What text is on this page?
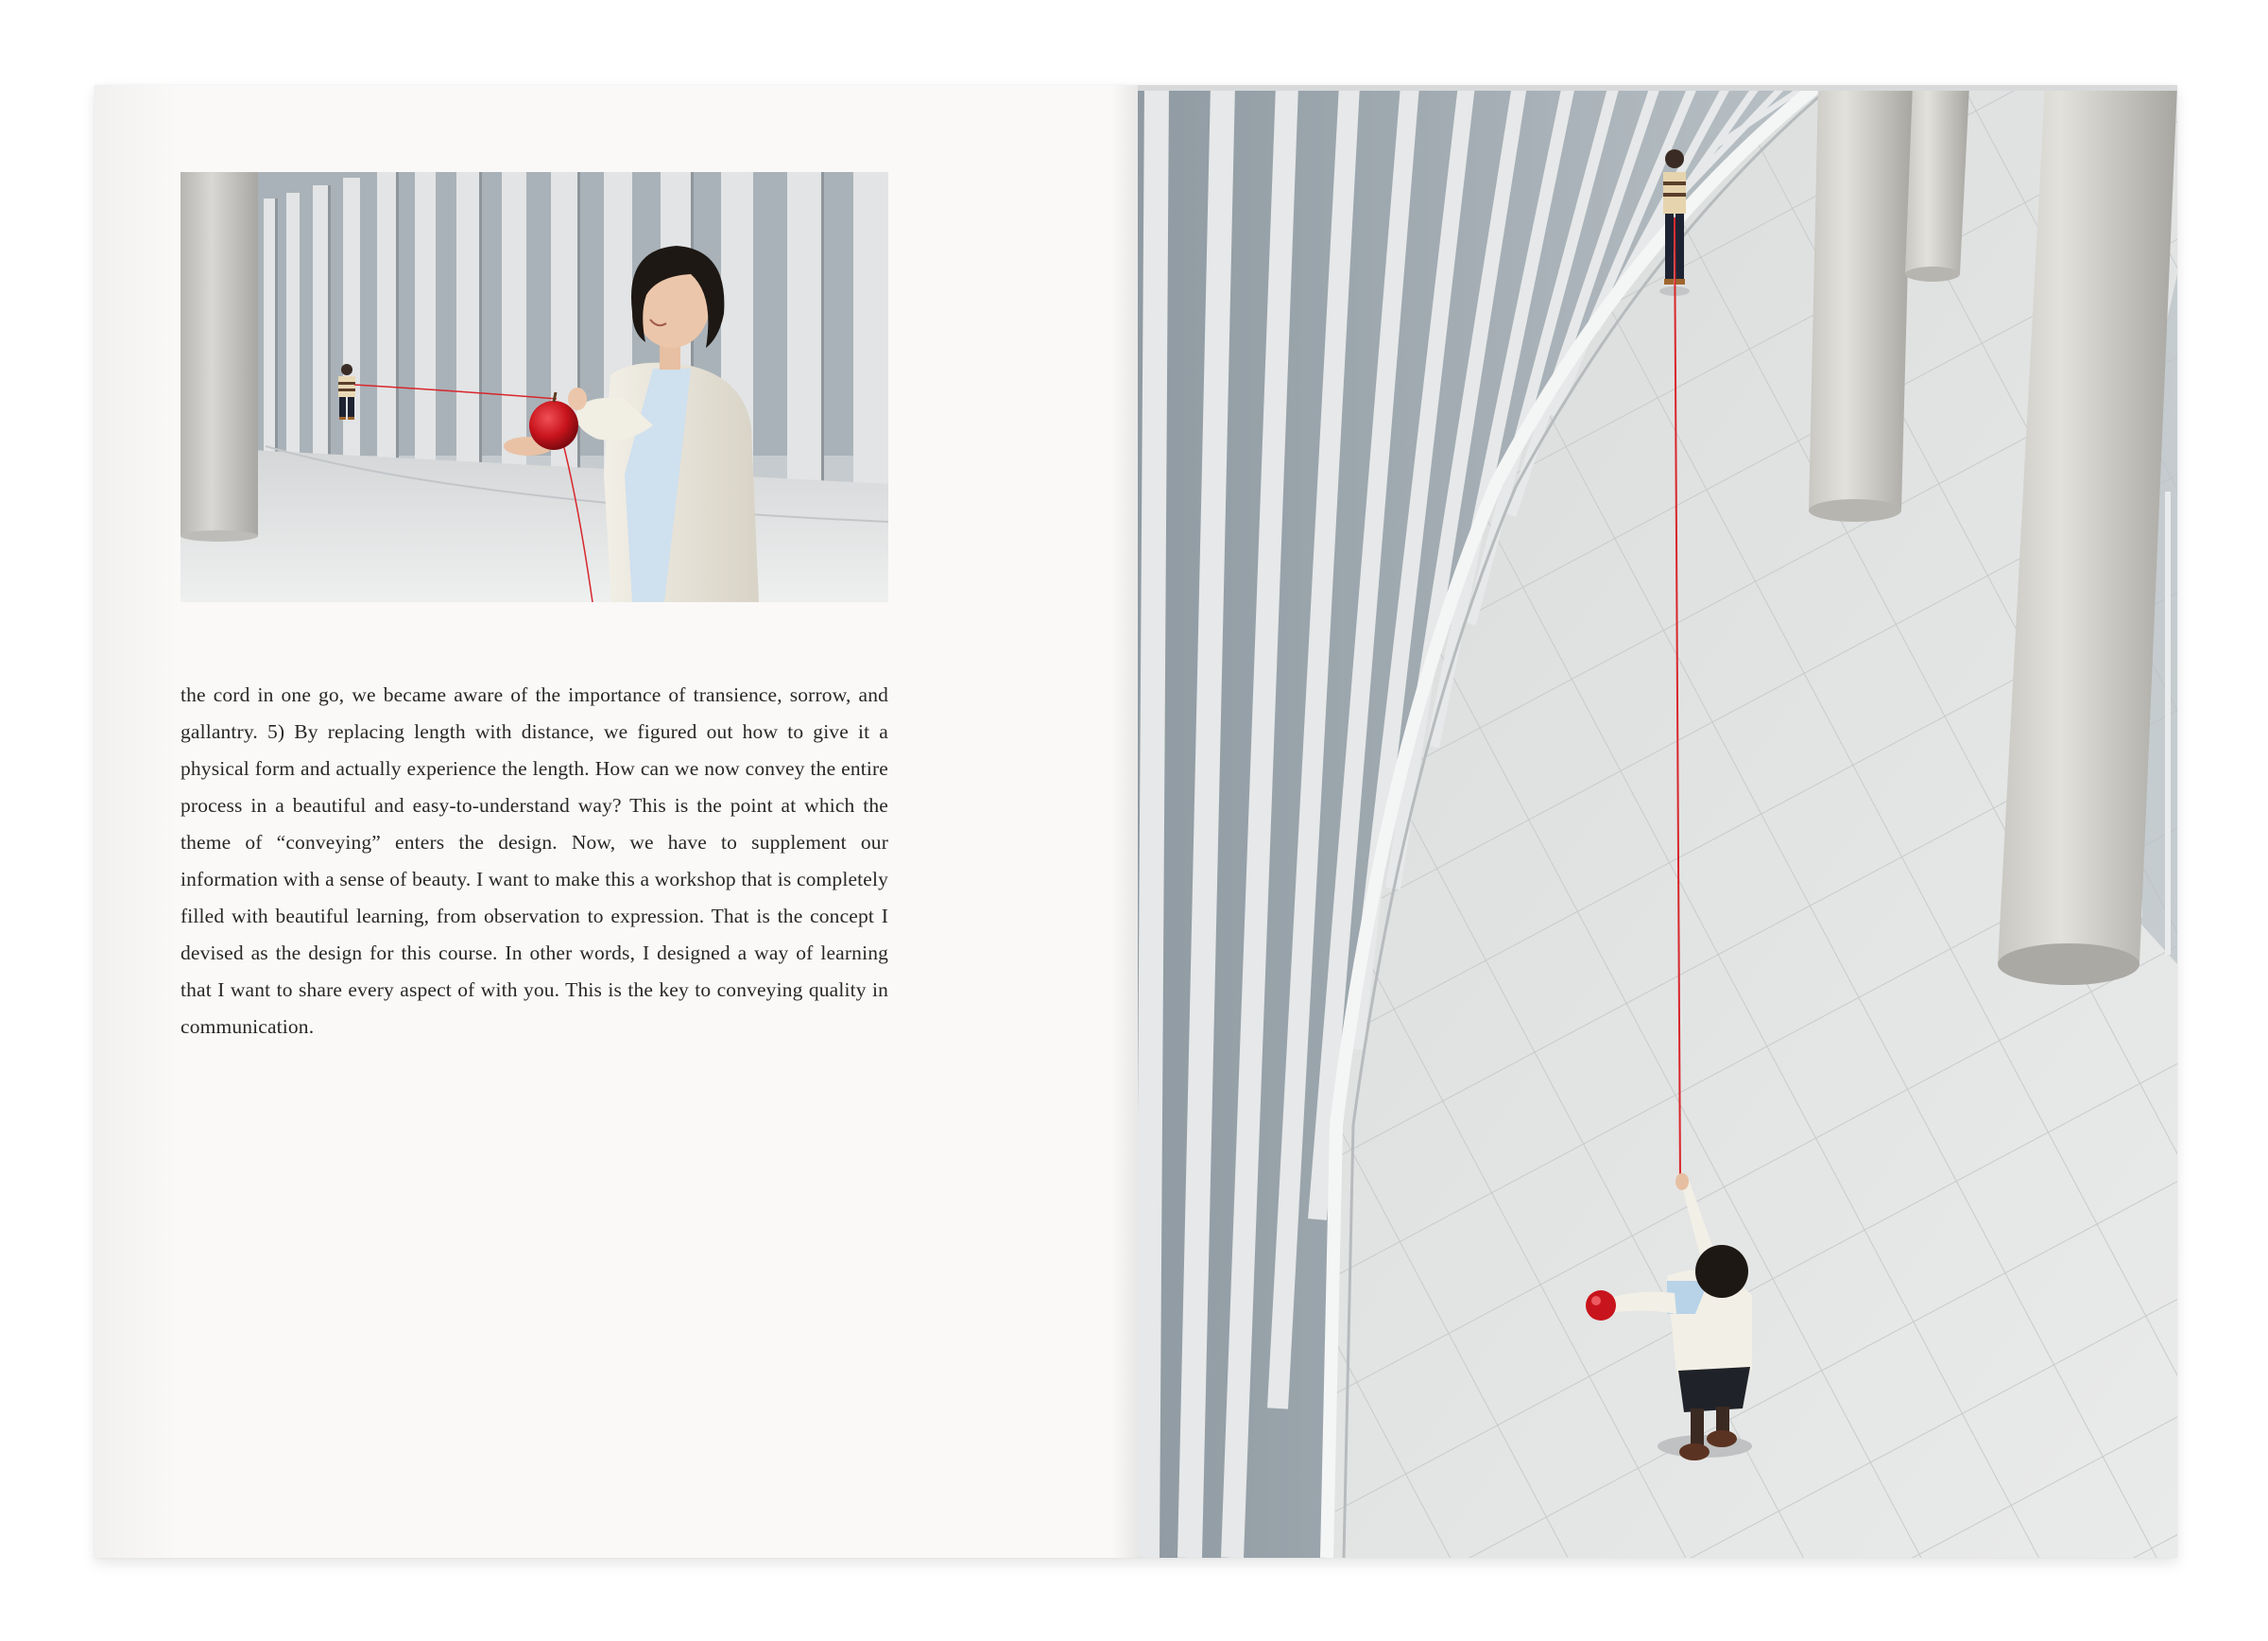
the cord in one go, we became aware of the importance of transience, sorrow, and gallantry. 5) By replacing length with distance, we figured out how to give it a physical form and actually experience the length. How can we now convey the entire process in a beautiful and easy-to-understand way? This is the point at which the theme of “conveying” enters the design. Now, we have to supplement our information with a sense of beauty. I want to make this a workshop that is completely filled with beautiful learning, from observation to expression. That is the concept I devised as the design for this course. In other words, I designed a way of learning that I want to share every aspect of with you. This is the key to conveying quality in communication.
